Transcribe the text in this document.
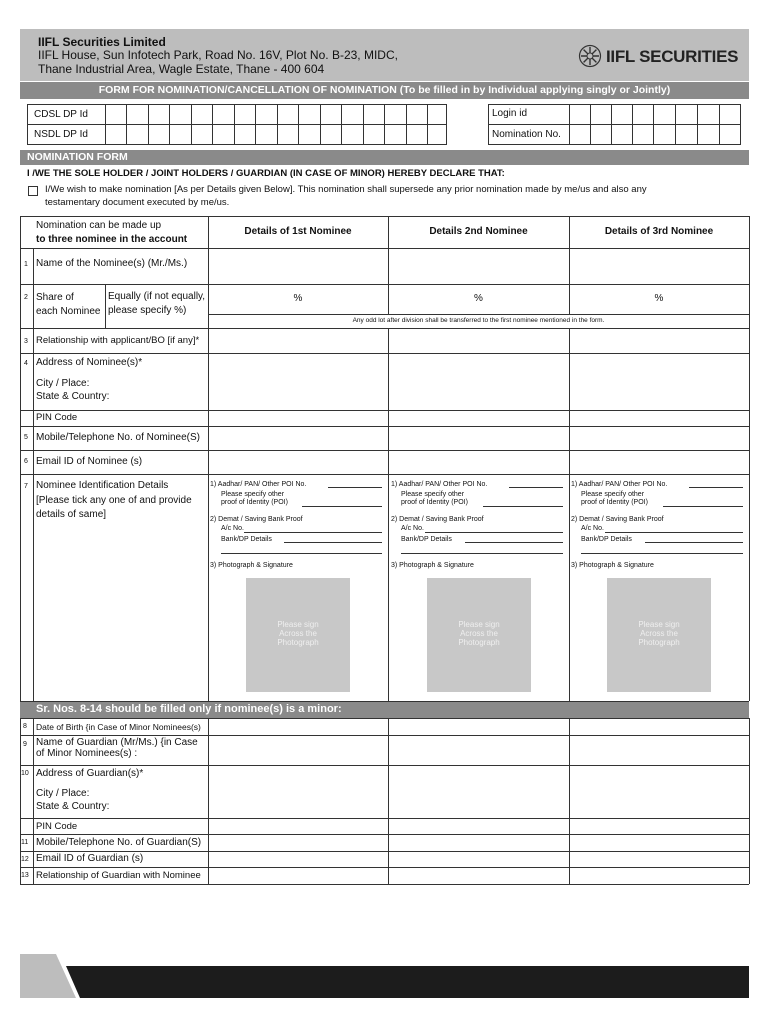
IIFL Securities Limited
IIFL House, Sun Infotech Park, Road No. 16V, Plot No. B-23, MIDC,
Thane Industrial Area, Wagle Estate, Thane - 400 604
IIFL SECURITIES
FORM FOR NOMINATION/CANCELLATION OF NOMINATION (To be filled in by Individual applying singly or Jointly)
CDSL DP Id
NSDL DP Id
Login id
Nomination No.
NOMINATION FORM
I /WE THE SOLE HOLDER / JOINT HOLDERS / GUARDIAN (IN CASE OF MINOR) HEREBY DECLARE THAT:
I/We wish to make nomination [As per Details given Below]. This nomination shall supersede any prior nomination made by me/us and also any
testamentary document executed by me/us.
Nomination can be made up
to three nominee in the account
Details of 1st Nominee	Details 2nd Nominee	Details of 3rd Nominee
1 Name of the Nominee(s) (Mr./Ms.)
2 Share of
each Nominee
Equally (if not equally,
please specify %)
%	%	%
Any odd lot after division shall be transferred to the first nominee mentioned in the form.
3 Relationship with applicant/BO [if any]*
4 Address of Nominee(s)*
City / Place:
State & Country:
PIN Code
5 Mobile/Telephone No. of Nominee(S)
6 Email ID of Nominee (s)
7 Nominee Identification Details
[Please tick any one of and provide
details of same]
1) Aadhar/ PAN/ Other POI No.
Please specify other
proof of Identity (POI)
2) Demat / Saving Bank Proof
A/c No.
Bank/DP Details
3) Photograph & Signature
Please sign
Across the
Photograph
1) Aadhar/ PAN/ Other POI No.
Please specify other
proof of Identity (POI)
2) Demat / Saving Bank Proof
A/c No.
Bank/DP Details
3) Photograph & Signature
Please sign
Across the
Photograph
1) Aadhar/ PAN/ Other POI No.
Please specify other
proof of Identity (POI)
2) Demat / Saving Bank Proof
A/c No.
Bank/DP Details
3) Photograph & Signature
Please sign
Across the
Photograph
Sr. Nos. 8-14 should be filled only if nominee(s) is a minor:
8 Date of Birth {in Case of Minor Nominees(s)
9 Name of Guardian (Mr/Ms.) {in Case
of Minor Nominees(s) :
10 Address of Guardian(s)*
City / Place:
State & Country:
PIN Code
11 Mobile/Telephone No. of Guardian(S)
12 Email ID of Guardian (s)
13 Relationship of Guardian with Nominee
